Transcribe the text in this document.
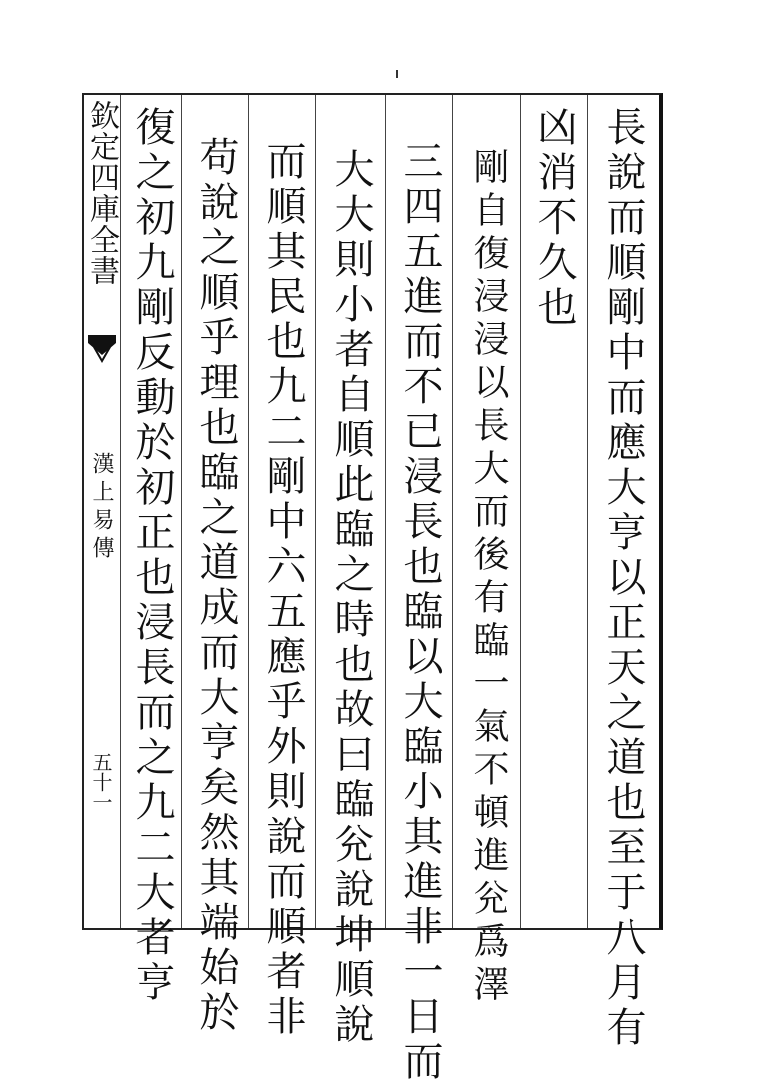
欽定四庫全書
漢上易傳
五十一	長說而順剛中而應大亨以正天之道也至于八月有
凶消不久也
剛自復浸浸以長大而後有臨一氣不頓進兊爲澤
三四五進而不已浸長也臨以大臨小其進非一日而
大大則小者自順此臨之時也故曰臨兊說坤順說
而順其民也九二剛中六五應乎外則說而順者非
苟說之順乎理也臨之道成而大亨矣然其端始於
復之初九剛反動於初正也浸長而之九二大者亨
